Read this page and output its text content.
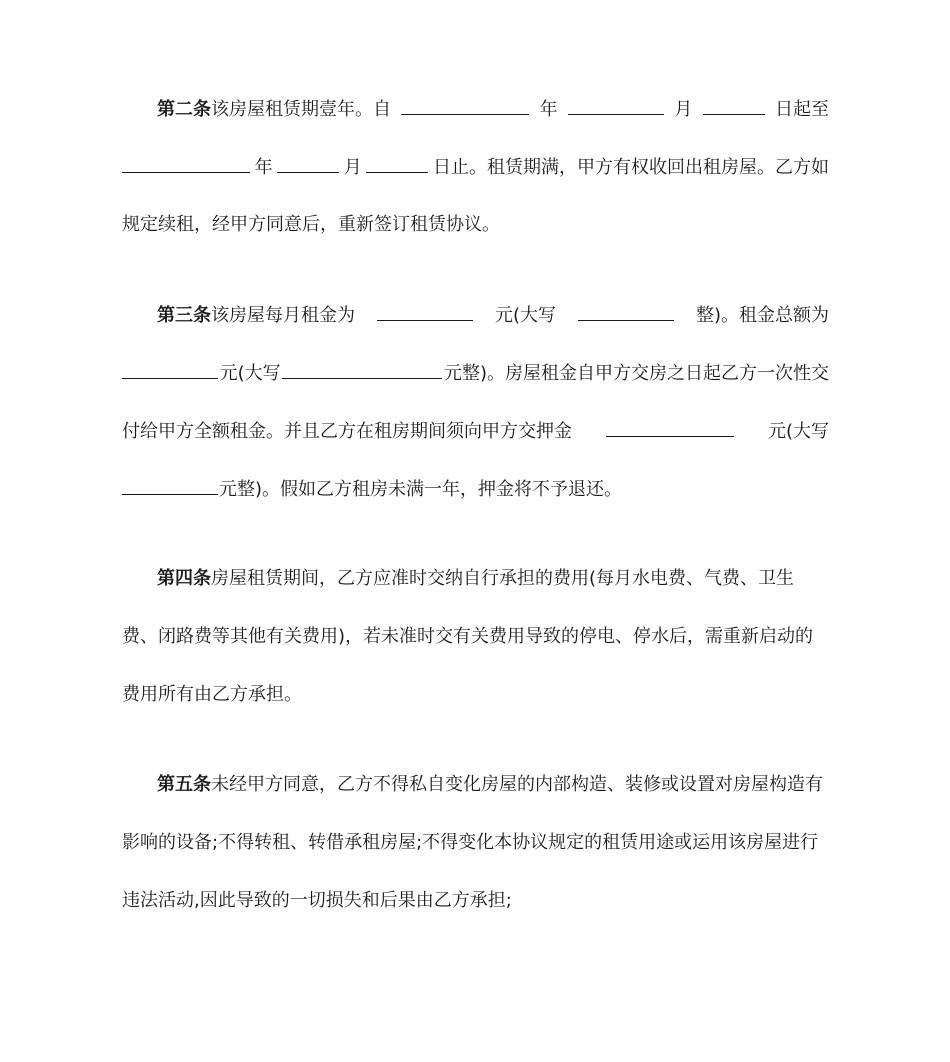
第二条该房屋租赁期壹年。自	年	月	日起至
年	月	日止。租赁期满，甲方有权收回出租房屋。乙方如
规定续租，经甲方同意后，重新签订租赁协议。
第三条该房屋每月租金为	元(大写	整)。租金总额为
元(大写	元整)。房屋租金自甲方交房之日起乙方一次性交
付给甲方全额租金。并且乙方在租房期间须向甲方交押金	元(大写
元整)。假如乙方租房未满一年，押金将不予退还。
第四条房屋租赁期间，乙方应准时交纳自行承担的费用(每月水电费、气费、卫生
费、闭路费等其他有关费用)，若未准时交有关费用导致的停电、停水后，需重新启动的
费用所有由乙方承担。
第五条未经甲方同意，乙方不得私自变化房屋的内部构造、装修或设置对房屋构造有
影响的设备;不得转租、转借承租房屋;不得变化本协议规定的租赁用途或运用该房屋进行
违法活动,因此导致的一切损失和后果由乙方承担;
